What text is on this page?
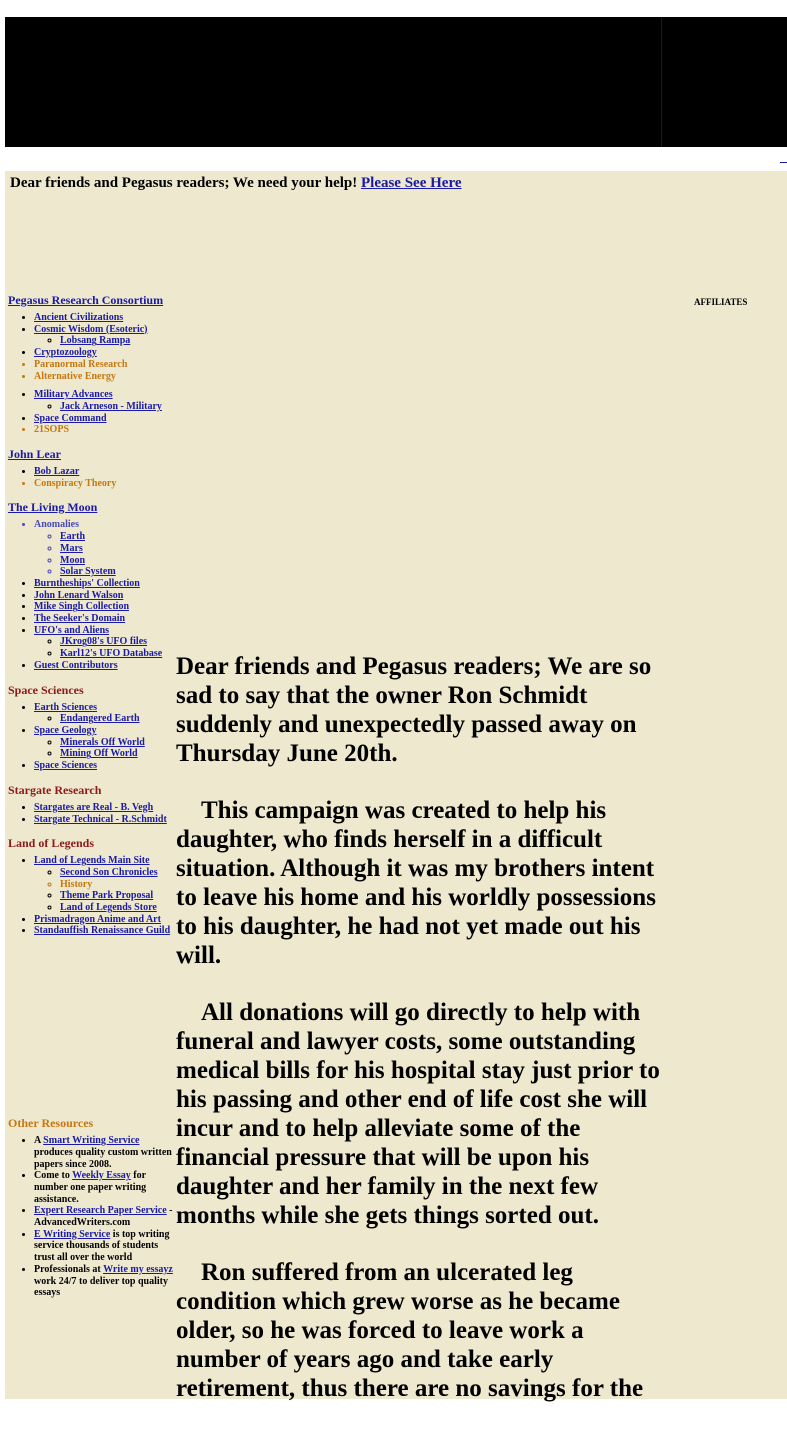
Dear friends and Pegasus readers; We need your help! Please See Here
AFFILIATES

Pegasus Research Consortium

• Ancient Civilizations
• Cosmic Wisdom (Esoteric)
◦ Lobsang Rampa
• Cryptozoology
• Paranormal Research
• Alternative Energy
• Military Advances
◦ Jack Arneson - Military
• Space Command
• 21SOPS

John Lear

• Bob Lazar
• Conspiracy Theory

The Living Moon

• Anomalies
◦ Earth
◦ Mars
◦ Moon
◦ Solar System
• Burntheships' Collection
• John Lenard Walson
• Mike Singh Collection
• The Seeker's Domain
• UFO's and Aliens
◦ JKrog08's UFO files
◦ Karl12's UFO Database
• Guest Contributors

Space Sciences

• Earth Sciences
◦ Endangered Earth
• Space Geology
◦ Minerals Off World
◦ Mining Off World
• Space Sciences

Stargate Research

• Stargates are Real - B. Vegh
• Stargate Technical - R.Schmidt

Land of Legends

• Land of Legends Main Site
◦ Second Son Chronicles
◦ History
◦ Theme Park Proposal
◦ Land of Legends Store
• Prismadragon Anime and Art
• Standauffish Renaissance Guild

Other Resources

• A Smart Writing Service produces quality custom written papers since 2008.
• Come to Weekly Essay for number one paper writing assistance.
• Expert Research Paper Service - AdvancedWriters.com
• E Writing Service is top writing service thousands of students trust all over the world
• Professionals at Write my essayz work 24/7 to deliver top quality essays

Dear friends and Pegasus readers; We are so sad to say that the owner Ron Schmidt suddenly and unexpectedly passed away on Thursday June 20th.

This campaign was created to help his daughter, who finds herself in a difficult situation. Although it was my brothers intent to leave his home and his worldly possessions to his daughter, he had not yet made out his will.

All donations will go directly to help with funeral and lawyer costs, some outstanding medical bills for his hospital stay just prior to his passing and other end of life cost she will incur and to help alleviate some of the financial pressure that will be upon his daughter and her family in the next few months while she gets things sorted out.

Ron suffered from an ulcerated leg condition which grew worse as he became older, so he was forced to leave work a number of years ago and take early retirement, thus there are no savings for the
